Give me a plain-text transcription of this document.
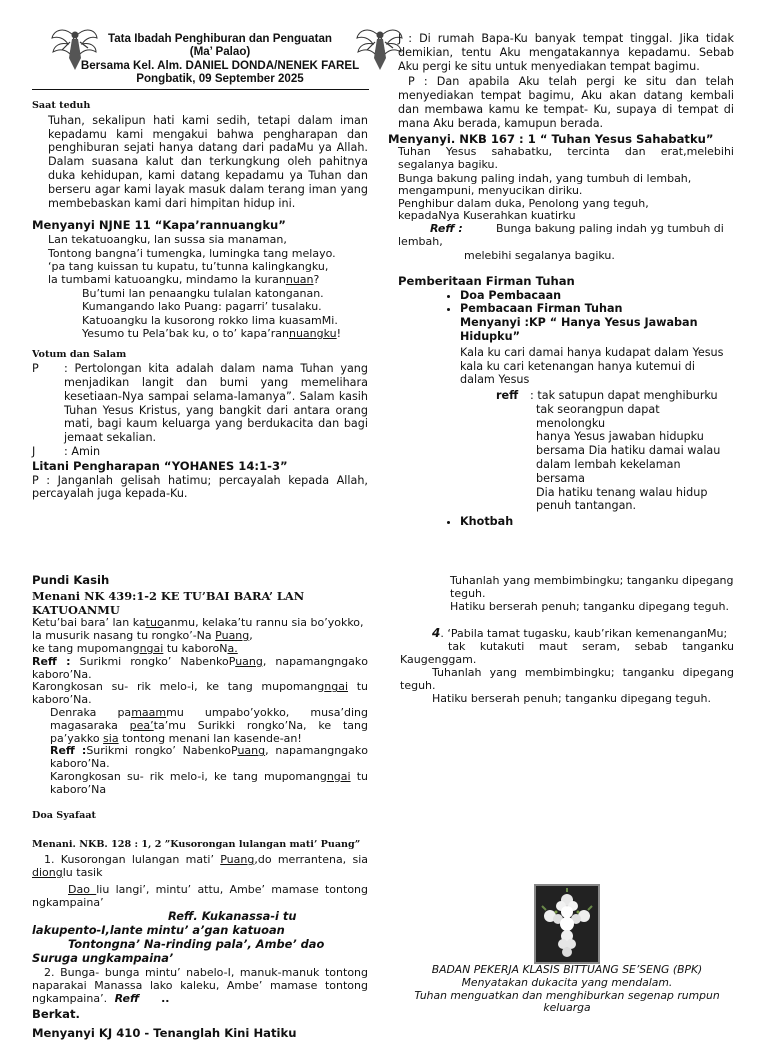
Tata Ibadah Penghiburan dan Penguatan
(Ma’ Palao)
Bersama Kel. Alm. DANIEL DONDA/NENEK FAREL
Pongbatik, 09 September 2025
Saat teduh

Tuhan, sekalipun hati kami sedih, tetapi dalam iman kepadamu kami mengakui bahwa pengharapan dan penghiburan sejati hanya datang dari padaMu ya Allah. Dalam suasana kalut dan terkungkung oleh pahitnya duka kehidupan, kami datang kepadamu ya Tuhan dan berseru agar kami layak masuk dalam terang iman yang membebaskan kami dari himpitan hidup ini.

Menyanyi NJNE 11 “Kapa’rannuangku”
Lan tekatuoangku, lan sussa sia manaman,
Tontong bangna’i tumengka, lumingka tang melayo.
‘pa tang kuissan tu kupatu, tu’tunna kalingkangku,
la tumbami katuoangku, mindamo la kurannuan?
Bu’tumi lan penaangku tulalan katonganan.
Kumangando lako Puang: pagarri’ tusalaku.
Katuoangku la kusorong rokko lima kuasamMi.
Yesumo tu Pela’bak ku, o to’ kapa’rannuangku!
Votum dan Salam
P : Pertolongan kita adalah dalam nama Tuhan yang menjadikan langit dan bumi yang memelihara kesetiaan-Nya sampai selama-lamanya”. Salam kasih Tuhan Yesus Kristus, yang bangkit dari antara orang mati, bagi kaum keluarga yang berdukacita dan bagi jemaat sekalian.

J	: Amin
Litani Pengharapan “YOHANES 14:1-3”

P : Janganlah gelisah hatimu; percayalah kepada Allah, percayalah juga kepada-Ku.

J : Di rumah Bapa-Ku banyak tempat tinggal. Jika tidak demikian, tentu Aku mengatakannya kepadamu. Sebab Aku pergi ke situ untuk menyediakan tempat bagimu.

P : Dan apabila Aku telah pergi ke situ dan telah menyediakan tempat bagimu, Aku akan datang kembali dan membawa kamu ke tempat- Ku, supaya di tempat di mana Aku berada, kamupun berada.

Menyanyi. NKB 167 : 1 “ Tuhan Yesus Sahabatku”
Tuhan Yesus sahabatku, tercinta dan erat,melebihi segalanya bagiku.
Bunga bakung paling indah, yang tumbuh di lembah, mengampuni, menyucikan diriku.
Penghibur dalam duka, Penolong yang teguh,
kepadaNya Kuserahkan kuatirku
Reff :	Bunga bakung paling indah yg tumbuh di lembah,
melebihi segalanya bagiku.
Pemberitaan Firman Tuhan
• Doa Pembacaan
• Pembacaan Firman Tuhan
Menyanyi :KP “ Hanya Yesus Jawaban Hidupku”
Kala ku cari damai hanya kudapat dalam Yesus kala ku cari ketenangan hanya kutemui di dalam Yesus
reff : tak satupun dapat menghiburku
tak seorangpun dapat menolongku
hanya Yesus jawaban hidupku
bersama Dia hatiku damai walau
dalam lembah kekelaman bersama
Dia hatiku tenang walau hidup
penuh tantangan.
• Khotbah
Pundi Kasih
Menani NK 439:1-2 KE TU’BAI BARA’ LAN KATUOANMU

Ketu’bai bara’ lan katuoanmu, kelaka’tu rannu sia bo’yokko,

la musurik nasang tu rongko’-Na Puang,

ke tang mupomangngai tu kaboroNa.

Reff : Surikmi rongko’ NabenkoPuang, napamangngakо kaboro’Na.

Karongkosan su- rik melo-i, ke tang mupomangngai tu kaboro’Na.

Denraka pamaammu umpabo’yokko, musa’ding magasaraka pea’ta’mu Surikki rongko’Na, ke tang pa’yakko sia tontong menani lan kasende-an!

Reff :Surikmi rongko’ NabenkoPuang, napamangngakо kaboro’Na.

Karongkosan su- rik melo-i, ke tang mupomangngai tu kaboro’Na

Doa Syafaat
Menani. NKB. 128 : 1, 2 ”Kusorongan lulangan mati’ Puang”

1. Kusorongan lulangan mati’ Puang,do merrantena, sia dionglu tasik

Dao liu langi’, mintu’ attu, Ambe’ mamase tontong ngkampaina’

Reff. Kukanassa-i tu lakupento-I,lante mintu’ a’gan katuoan

Tontongna’ Na-rinding pala’, Ambe’ dao Suruga ungkampaina’

2. Bunga- bunga mintu’ nabelo-I, manuk-manuk tontong naparakai Manassa lako kaleku, Ambe’ mamase tontong ngkampaina’. Reff ..

Berkat.
Menyanyi KJ 410 - Tenanglah Kini Hatiku
Tuhanlah yang membimbingku; tanganku dipegang teguh.
Hatiku berserah penuh; tanganku dipegang teguh.
4. ‘Pabila tamat tugasku, kaub’rikan kemenanganMu;

tak kutakuti maut seram, sebab tanganku Kaugenggam.

Tuhanlah yang membimbingku; tanganku dipegang teguh.

Hatiku berserah penuh; tanganku dipegang teguh.
BADAN PEKERJA KLASIS BITTUANG SE’SENG (BPK)
Menyatakan dukacita yang mendalam.
Tuhan menguatkan dan menghiburkan segenap rumpun keluarga
